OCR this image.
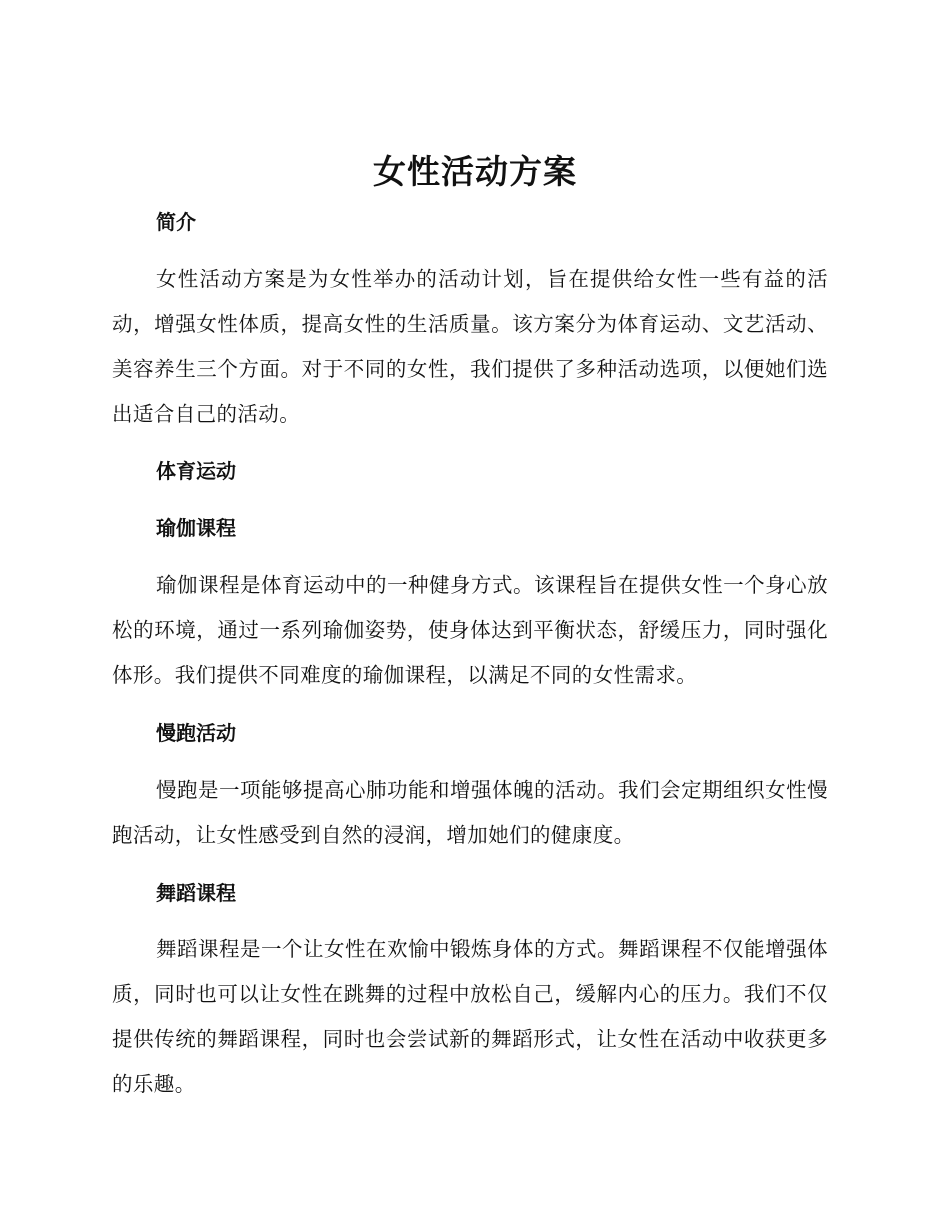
女性活动方案
简介

女性活动方案是为女性举办的活动计划，旨在提供给女性一些有益的活动，增强女性体质，提高女性的生活质量。该方案分为体育运动、文艺活动、美容养生三个方面。对于不同的女性，我们提供了多种活动选项，以便她们选出适合自己的活动。

体育运动
瑜伽课程

瑜伽课程是体育运动中的一种健身方式。该课程旨在提供女性一个身心放松的环境，通过一系列瑜伽姿势，使身体达到平衡状态，舒缓压力，同时强化体形。我们提供不同难度的瑜伽课程，以满足不同的女性需求。

慢跑活动

慢跑是一项能够提高心肺功能和增强体魄的活动。我们会定期组织女性慢跑活动，让女性感受到自然的浸润，增加她们的健康度。

舞蹈课程

舞蹈课程是一个让女性在欢愉中锻炼身体的方式。舞蹈课程不仅能增强体质，同时也可以让女性在跳舞的过程中放松自己，缓解内心的压力。我们不仅提供传统的舞蹈课程，同时也会尝试新的舞蹈形式，让女性在活动中收获更多的乐趣。
